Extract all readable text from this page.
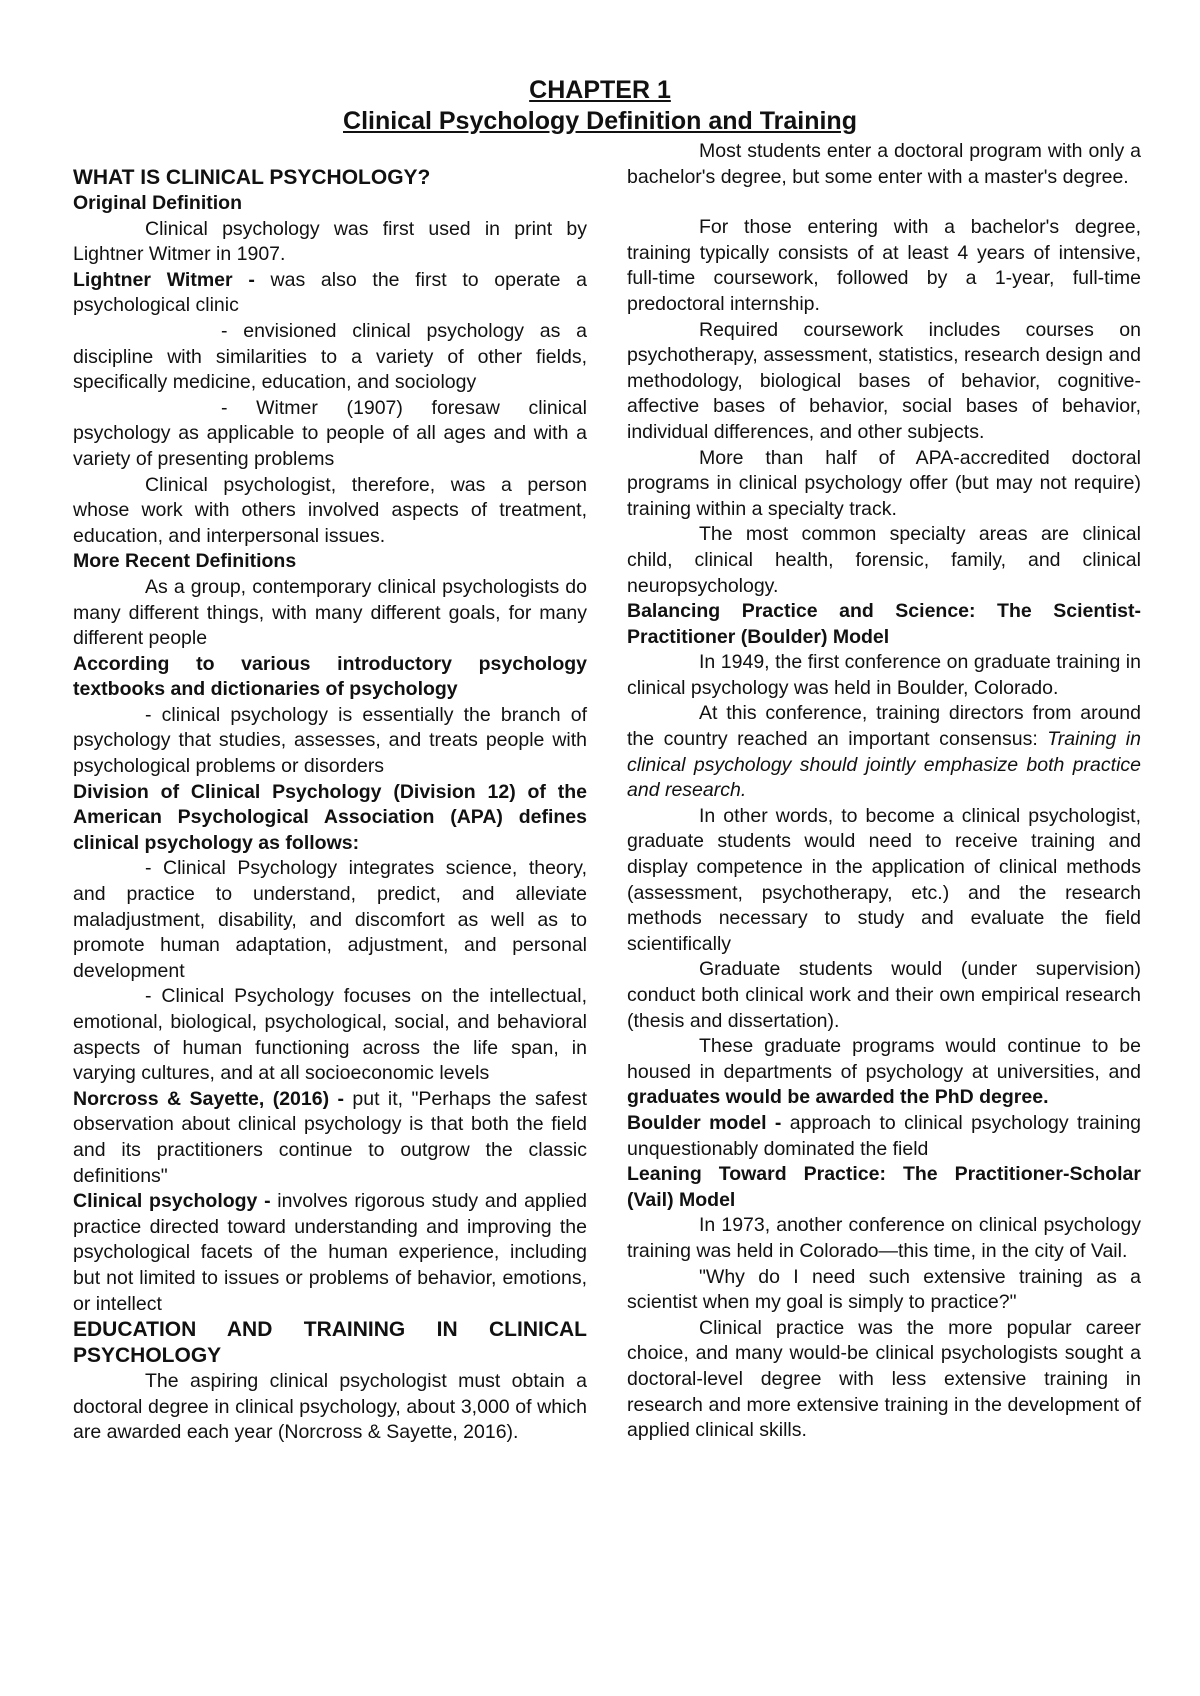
CHAPTER 1
Clinical Psychology Definition and Training

WHAT IS CLINICAL PSYCHOLOGY?

Original Definition

Clinical psychology was first used in print by Lightner Witmer in 1907.

Lightner Witmer - was also the first to operate a psychological clinic

- envisioned clinical psychology as a discipline with similarities to a variety of other fields, specifically medicine, education, and sociology

- Witmer (1907) foresaw clinical psychology as applicable to people of all ages and with a variety of presenting problems

Clinical psychologist, therefore, was a person whose work with others involved aspects of treatment, education, and interpersonal issues.

More Recent Definitions

As a group, contemporary clinical psychologists do many different things, with many different goals, for many different people

According to various introductory psychology textbooks and dictionaries of psychology

- clinical psychology is essentially the branch of psychology that studies, assesses, and treats people with psychological problems or disorders

Division of Clinical Psychology (Division 12) of the American Psychological Association (APA) defines clinical psychology as follows:

- Clinical Psychology integrates science, theory, and practice to understand, predict, and alleviate maladjustment, disability, and discomfort as well as to promote human adaptation, adjustment, and personal development

- Clinical Psychology focuses on the intellectual, emotional, biological, psychological, social, and behavioral aspects of human functioning across the life span, in varying cultures, and at all socioeconomic levels

Norcross & Sayette, (2016) - put it, "Perhaps the safest observation about clinical psychology is that both the field and its practitioners continue to outgrow the classic definitions"

Clinical psychology - involves rigorous study and applied practice directed toward understanding and improving the psychological facets of the human experience, including but not limited to issues or problems of behavior, emotions, or intellect

EDUCATION AND TRAINING IN CLINICAL PSYCHOLOGY

The aspiring clinical psychologist must obtain a doctoral degree in clinical psychology, about 3,000 of which are awarded each year (Norcross & Sayette, 2016).

Most students enter a doctoral program with only a bachelor's degree, but some enter with a master's degree.

For those entering with a bachelor's degree, training typically consists of at least 4 years of intensive, full-time coursework, followed by a 1-year, full-time predoctoral internship.

Required coursework includes courses on psychotherapy, assessment, statistics, research design and methodology, biological bases of behavior, cognitive-affective bases of behavior, social bases of behavior, individual differences, and other subjects.

More than half of APA-accredited doctoral programs in clinical psychology offer (but may not require) training within a specialty track.

The most common specialty areas are clinical child, clinical health, forensic, family, and clinical neuropsychology.

Balancing Practice and Science: The Scientist-Practitioner (Boulder) Model

In 1949, the first conference on graduate training in clinical psychology was held in Boulder, Colorado.

At this conference, training directors from around the country reached an important consensus: Training in clinical psychology should jointly emphasize both practice and research.

In other words, to become a clinical psychologist, graduate students would need to receive training and display competence in the application of clinical methods (assessment, psychotherapy, etc.) and the research methods necessary to study and evaluate the field scientifically

Graduate students would (under supervision) conduct both clinical work and their own empirical research (thesis and dissertation).

These graduate programs would continue to be housed in departments of psychology at universities, and graduates would be awarded the PhD degree.

Boulder model - approach to clinical psychology training unquestionably dominated the field

Leaning Toward Practice: The Practitioner-Scholar (Vail) Model

In 1973, another conference on clinical psychology training was held in Colorado—this time, in the city of Vail.

"Why do I need such extensive training as a scientist when my goal is simply to practice?"

Clinical practice was the more popular career choice, and many would-be clinical psychologists sought a doctoral-level degree with less extensive training in research and more extensive training in the development of applied clinical skills.
